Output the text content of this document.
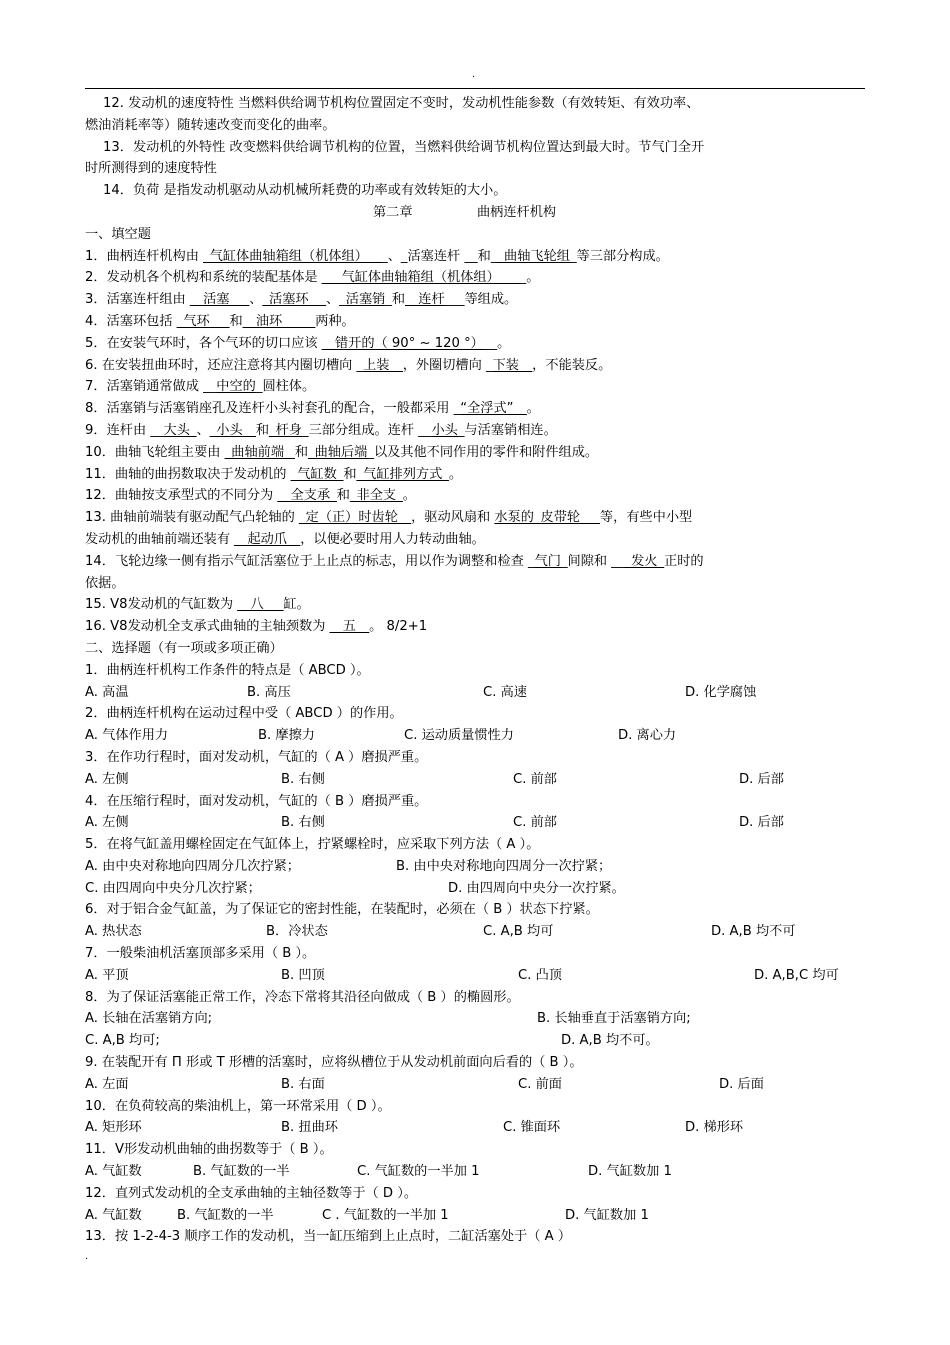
.
12. 发动机的速度特性 当燃料供给调节机构位置固定不变时，发动机性能参数（有效转矩、有效功率、
燃油消耗率等）随转速改变而变化的曲率。
13．发动机的外特性 改变燃料供给调节机构的位置，当燃料供给调节机构位置达到最大时。节气门全开
时所测得到的速度特性
14．负荷 是指发动机驱动从动机械所耗费的功率或有效转矩的大小。
第二章	曲柄连杆机构
一、填空题
1．曲柄连杆机构由 _气缸体曲轴箱组（机体组）___、_活塞连杆 __和__曲轴飞轮组_等三部分构成。
2．发动机各个机构和系统的装配基体是 ___气缸体曲轴箱组（机体组）____。
3．活塞连杆组由 __活塞___、_活塞环 __、_活塞销_和__连杆___等组成。
4．活塞环包括 _气环___和__油环_____两种。
5．在安装气环时，各个气环的切口应该 __错开的（ 90° ~ 120 °）__。
6. 在安装扭曲环时，还应注意将其内圈切槽向 _上装__，外圈切槽向 _下装__，不能装反。
7．活塞销通常做成 __中空的_圆柱体。
8．活塞销与活塞销座孔及连杆小头衬套孔的配合，一般都采用 _“全浮式”__。
9．连杆由 __大头_、_小头__和_杆身_三部分组成。连杆 __小头_与活塞销相连。
10．曲轴飞轮组主要由 _曲轴前端 _和_曲轴后端_以及其他不同作用的零件和附件组成。
11．曲轴的曲拐数取决于发动机的 _气缸数_和_气缸排列方式_。
12．曲轴按支承型式的不同分为 __全支承_和_非全支_。
13. 曲轴前端装有驱动配气凸轮轴的 _定（正）时齿轮__，驱动风扇和 水泵的_皮带轮___等，有些中小型
发动机的曲轴前端还装有 __起动爪__，以便必要时用人力转动曲轴。
14．飞轮边缘一侧有指示气缸活塞位于上止点的标志，用以作为调整和检查 _气门_间隙和 ___发火_正时的
依据。
15. V8发动机的气缸数为 __八___缸。
16. V8发动机全支承式曲轴的主轴颈数为 __五__。 8/2+1
二、选择题（有一项或多项正确）
1．曲柄连杆机构工作条件的特点是（ ABCD ）。
A. 高温	B. 高压	C. 高速	D. 化学腐蚀
2．曲柄连杆机构在运动过程中受（ ABCD ）的作用。
A. 气体作用力	B. 摩擦力	C. 运动质量惯性力	D. 离心力
3．在作功行程时，面对发动机，气缸的（ A ）磨损严重。
A. 左侧	B. 右侧	C. 前部	D. 后部
4．在压缩行程时，面对发动机，气缸的（ B ）磨损严重。
A. 左侧	B. 右侧	C. 前部	D. 后部
5．在将气缸盖用螺栓固定在气缸体上，拧紧螺栓时，应采取下列方法（ A ）。
A. 由中央对称地向四周分几次拧紧；	B. 由中央对称地向四周分一次拧紧；
C. 由四周向中央分几次拧紧；	D. 由四周向中央分一次拧紧。
6．对于铝合金气缸盖，为了保证它的密封性能，在装配时，必须在（ B ）状态下拧紧。
A. 热状态	B．冷状态	C. A,B 均可	D. A,B 均不可
7．一般柴油机活塞顶部多采用（ B ）。
A. 平顶	B. 凹顶	C. 凸顶	D. A,B,C 均可
8．为了保证活塞能正常工作，冷态下常将其沿径向做成（ B ）的椭圆形。
A. 长轴在活塞销方向;	B. 长轴垂直于活塞销方向;
C. A,B 均可;	D. A,B 均不可。
9. 在装配开有 Π 形或 T 形槽的活塞时，应将纵槽位于从发动机前面向后看的（ B ）。
A. 左面	B. 右面	C. 前面	D. 后面
10．在负荷较高的柴油机上，第一环常采用（ D ）。
A. 矩形环	B. 扭曲环	C. 锥面环	D. 梯形环
11．V形发动机曲轴的曲拐数等于（ B ）。
A. 气缸数	B. 气缸数的一半	C. 气缸数的一半加 1	D. 气缸数加 1
12．直列式发动机的全支承曲轴的主轴径数等于（ D ）。
A. 气缸数	B. 气缸数的一半	C . 气缸数的一半加 1	D. 气缸数加 1
13．按 1-2-4-3 顺序工作的发动机，当一缸压缩到上止点时，二缸活塞处于（ A ）
.
